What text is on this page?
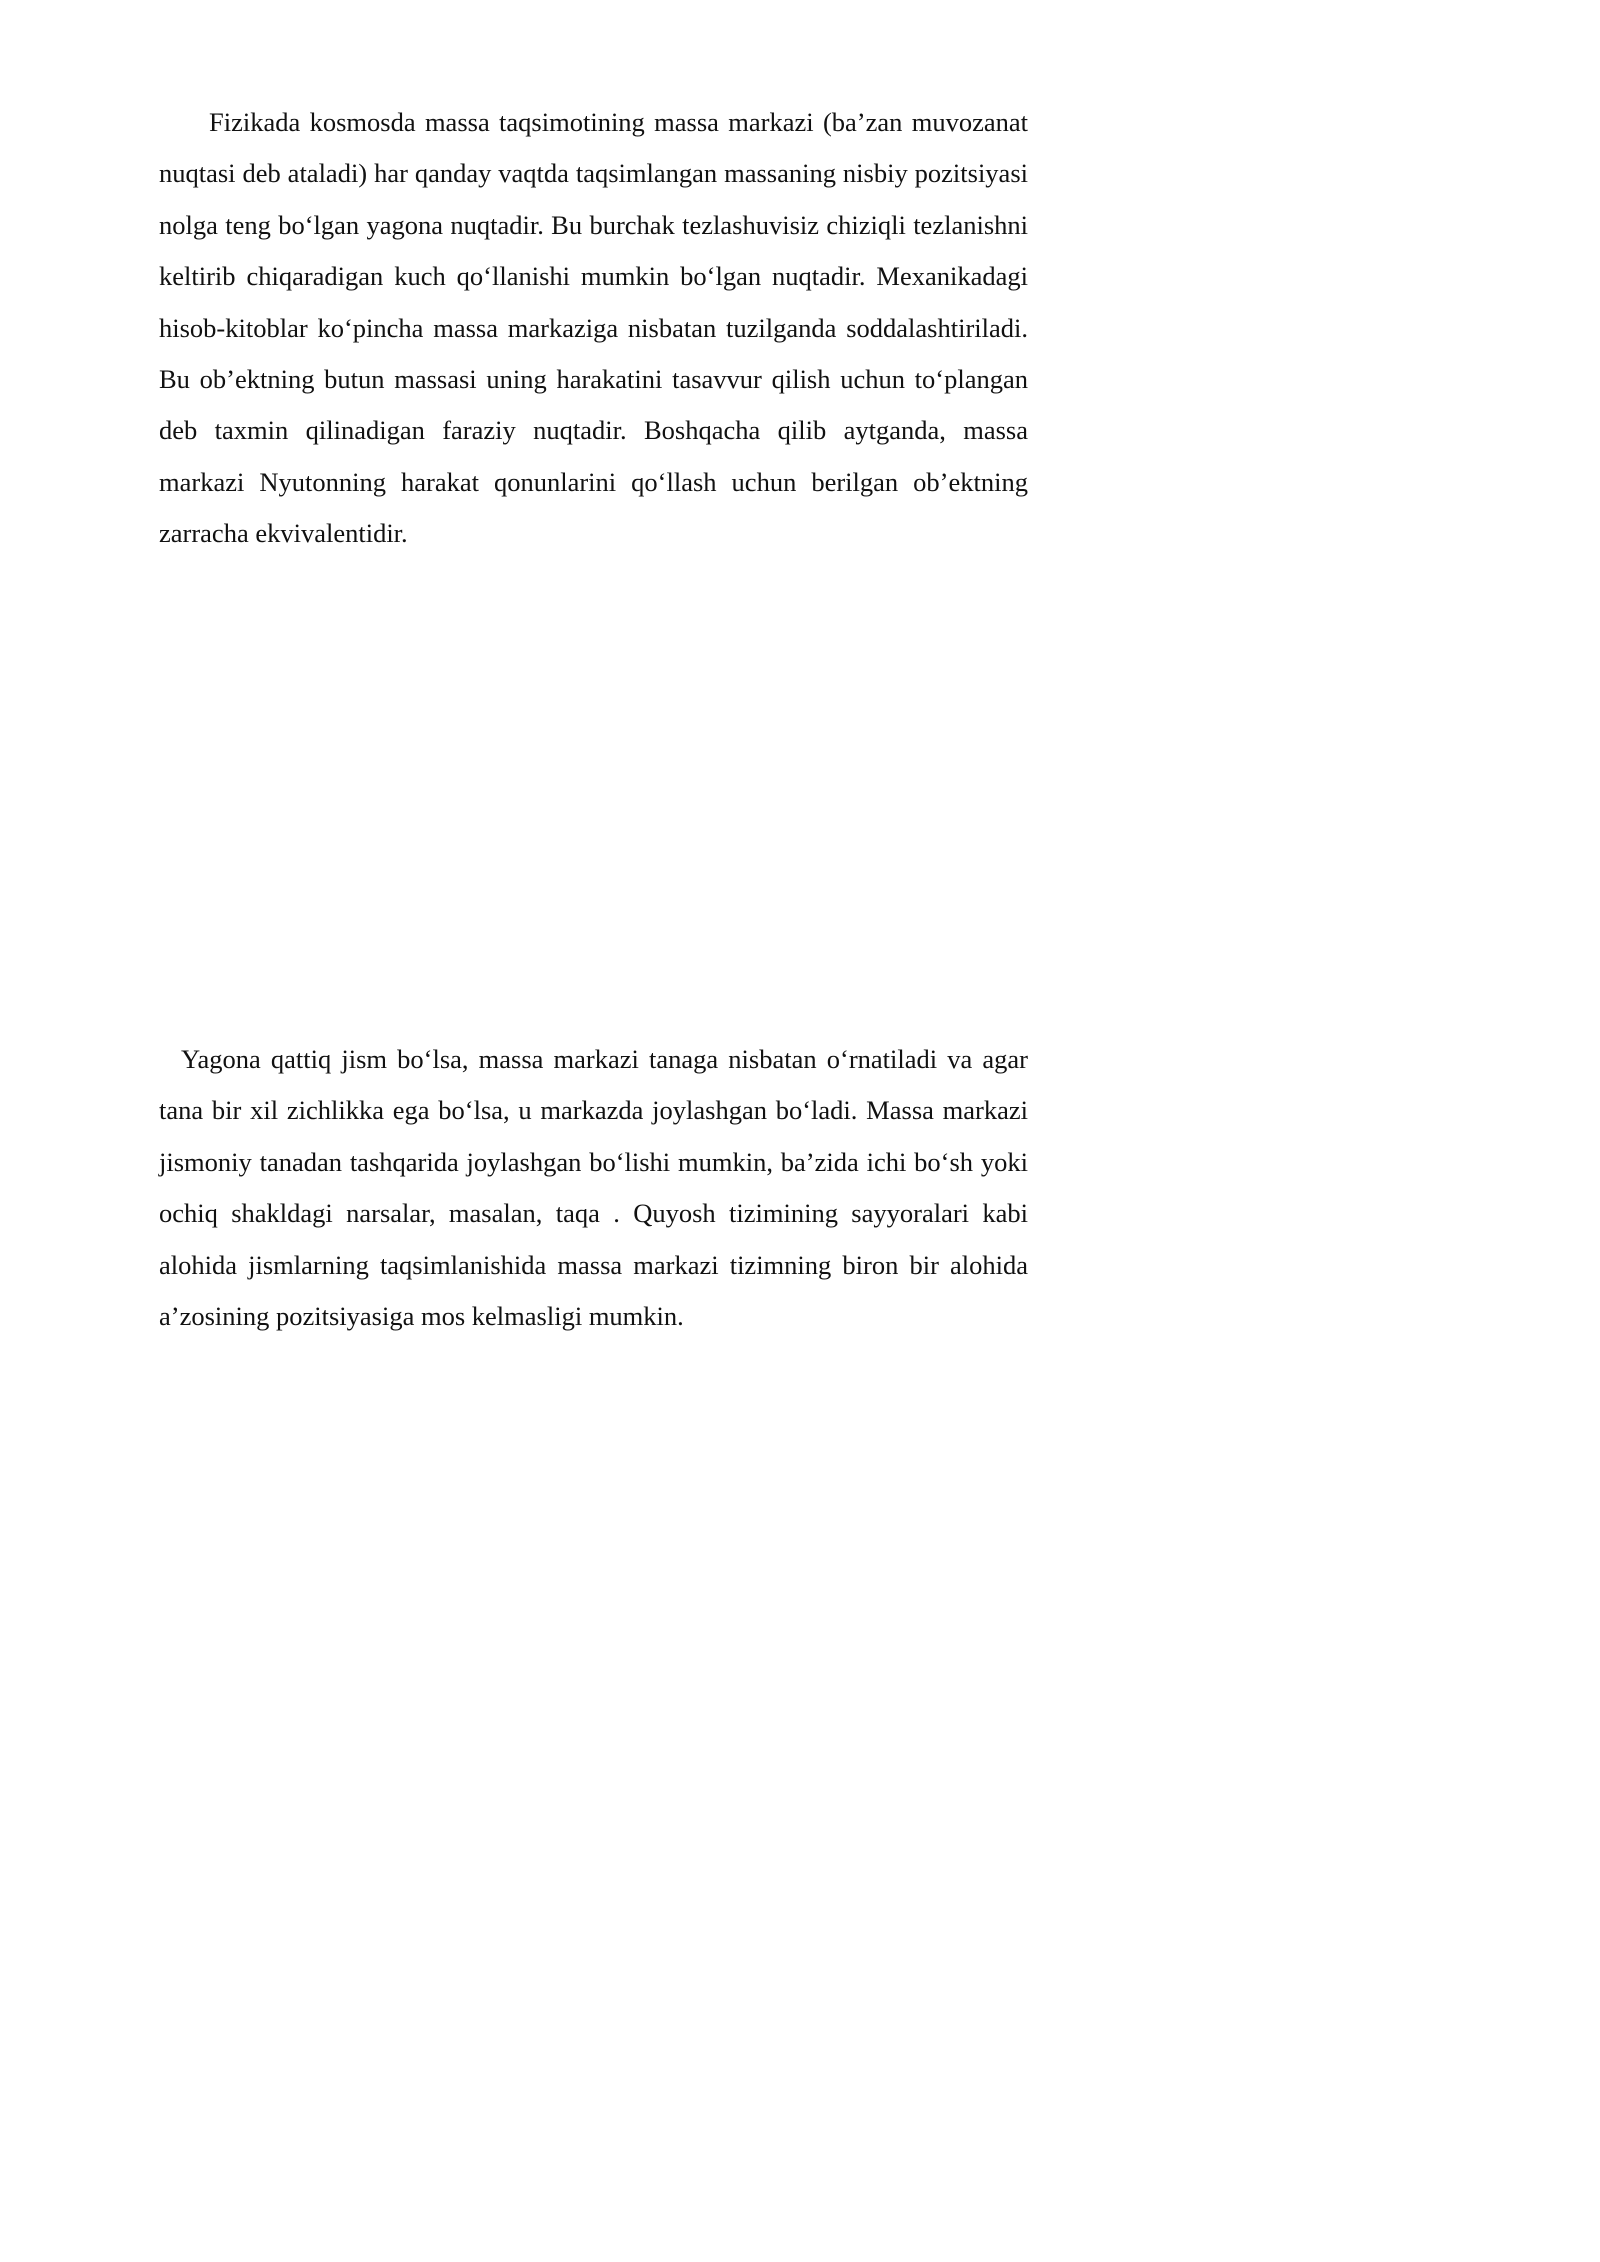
Fizikada kosmosda massa taqsimotining massa markazi (ba’zan muvozanat nuqtasi deb ataladi) har qanday vaqtda taqsimlangan massaning nisbiy pozitsiyasi nolga teng bo‘lgan yagona nuqtadir. Bu burchak tezlashuvisiz chiziqli tezlanishni keltirib chiqaradigan kuch qo‘llanishi mumkin bo‘lgan nuqtadir. Mexanikadagi hisob-kitoblar ko‘pincha massa markaziga nisbatan tuzilganda soddalashtiriladi. Bu ob’ektning butun massasi uning harakatini tasavvur qilish uchun to‘plangan deb taxmin qilinadigan faraziy nuqtadir. Boshqacha qilib aytganda, massa markazi Nyutonning harakat qonunlarini qo‘llash uchun berilgan ob’ektning zarracha ekvivalentidir.

Yagona qattiq jism bo‘lsa, massa markazi tanaga nisbatan o‘rnatiladi va agar tana bir xil zichlikka ega bo‘lsa, u markazda joylashgan bo‘ladi. Massa markazi jismoniy tanadan tashqarida joylashgan bo‘lishi mumkin, ba’zida ichi bo‘sh yoki ochiq shakldagi narsalar, masalan, taqa . Quyosh tizimining sayyoralari kabi alohida jismlarning taqsimlanishida massa markazi tizimning biron bir alohida a’zosining pozitsiyasiga mos kelmasligi mumkin.
